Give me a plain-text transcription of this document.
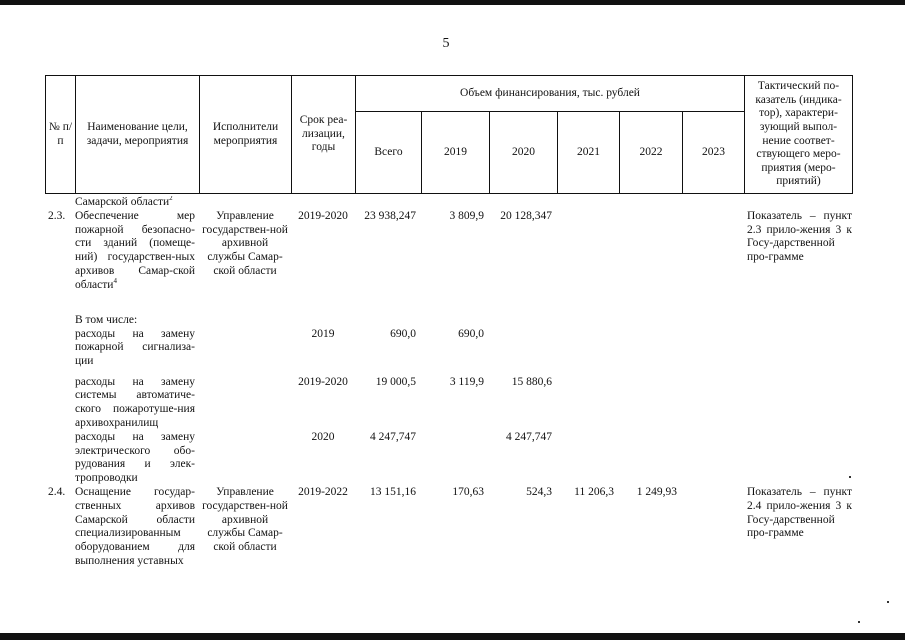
5
№ п/п	Наименование цели, задачи, мероприятия	Исполнители мероприятия	Срок реа-лизации, годы	Объем финансирования, тыс. рублей						Тактический по-казатель (индика-тор), характери-зующий выпол-нение соответ-ствующего меро-приятия (меро-приятий)
				Всего	2019	2020	2021	2022	2023	
	Самарской области$^2$									
2.3.	Обеспечение мер пожарной безопасно-сти зданий (помеще-ний) государствен-ных архивов Самар-ской области$^4$	Управление государствен-ной архивной службы Самар-ской области	2019-2020	23 938,247	3 809,9	20 128,347				Показатель – пункт 2.3 прило-жения 3 к Госу-дарственной про-грамме
	В том числе:									
	расходы на замену пожарной сигнализа-ции		2019	690,0	690,0					
	расходы на замену системы автоматиче-ского пожаротуше-ния архивохранилищ		2019-2020	19 000,5	3 119,9	15 880,6				
	расходы на замену электрического обо-рудования и элек-тропроводки		2020	4 247,747		4 247,747				
2.4.	Оснащение государ-ственных архивов Самарской области специализированным оборудованием для выполнения уставных	Управление государствен-ной архивной службы Самар-ской области	2019-2022	13 151,16	170,63	524,3	11 206,3	1 249,93		Показатель – пункт 2.4 прило-жения 3 к Госу-дарственной про-грамме
